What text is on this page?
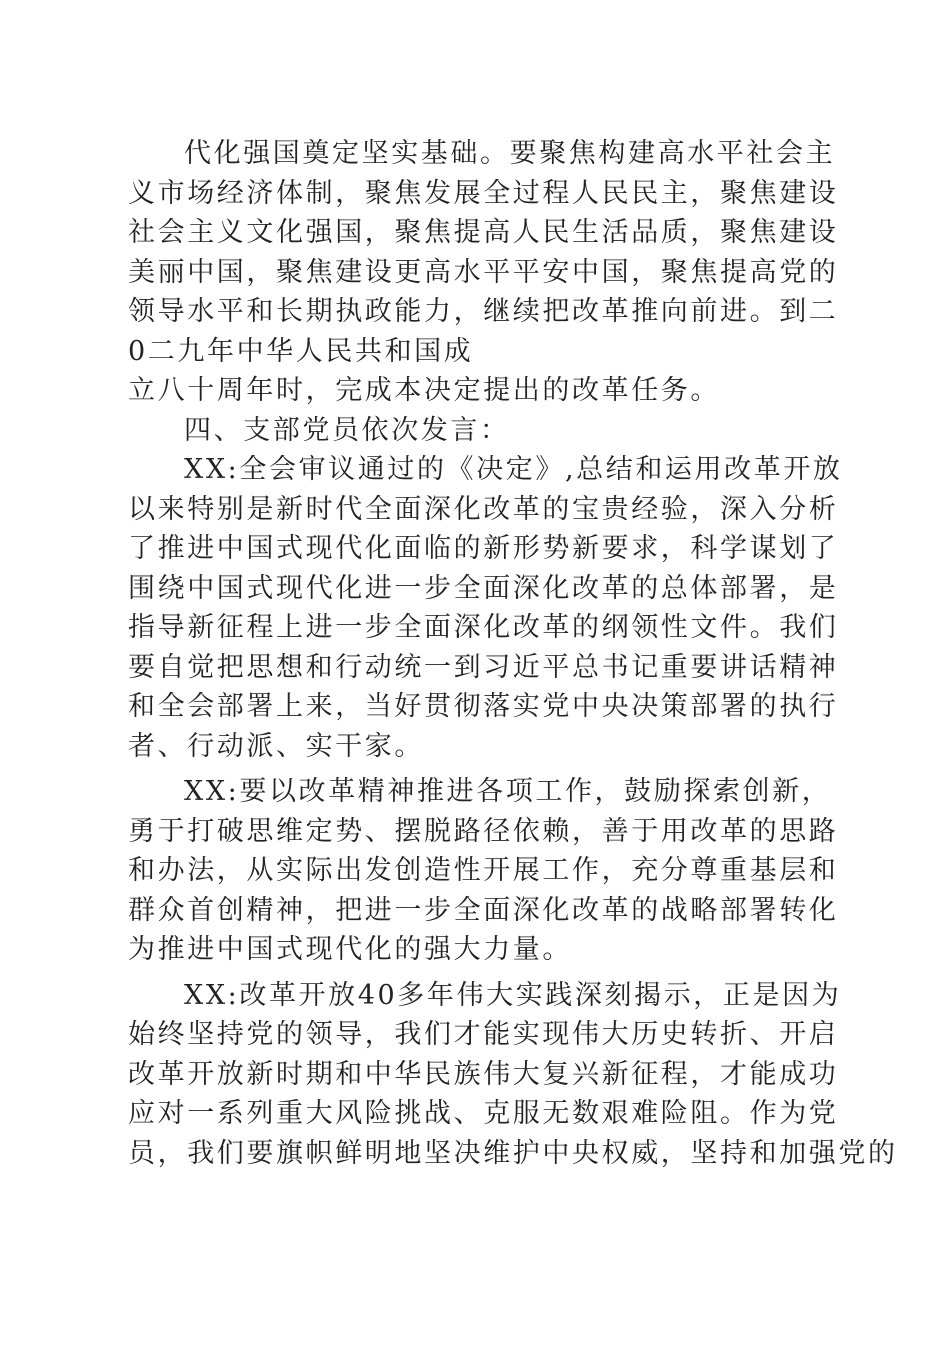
代化强国奠定坚实基础。要聚焦构建高水平社会主
义市场经济体制，聚焦发展全过程人民民主，聚焦建设
社会主义文化强国，聚焦提高人民生活品质，聚焦建设
美丽中国，聚焦建设更高水平平安中国，聚焦提高党的
领导水平和长期执政能力，继续把改革推向前进。到二
0二九年中华人民共和国成
立八十周年时，完成本决定提出的改革任务。
四、支部党员依次发言：
XX:全会审议通过的《决定》,总结和运用改革开放
以来特别是新时代全面深化改革的宝贵经验，深入分析
了推进中国式现代化面临的新形势新要求，科学谋划了
围绕中国式现代化进一步全面深化改革的总体部署，是
指导新征程上进一步全面深化改革的纲领性文件。我们
要自觉把思想和行动统一到习近平总书记重要讲话精神
和全会部署上来，当好贯彻落实党中央决策部署的执行
者、行动派、实干家。
XX:要以改革精神推进各项工作，鼓励探索创新，
勇于打破思维定势、摆脱路径依赖，善于用改革的思路
和办法，从实际出发创造性开展工作，充分尊重基层和
群众首创精神，把进一步全面深化改革的战略部署转化
为推进中国式现代化的强大力量。
XX:改革开放40多年伟大实践深刻揭示，正是因为
始终坚持党的领导，我们才能实现伟大历史转折、开启
改革开放新时期和中华民族伟大复兴新征程，才能成功
应对一系列重大风险挑战、克服无数艰难险阻。作为党
员，我们要旗帜鲜明地坚决维护中央权威，坚持和加强党的
